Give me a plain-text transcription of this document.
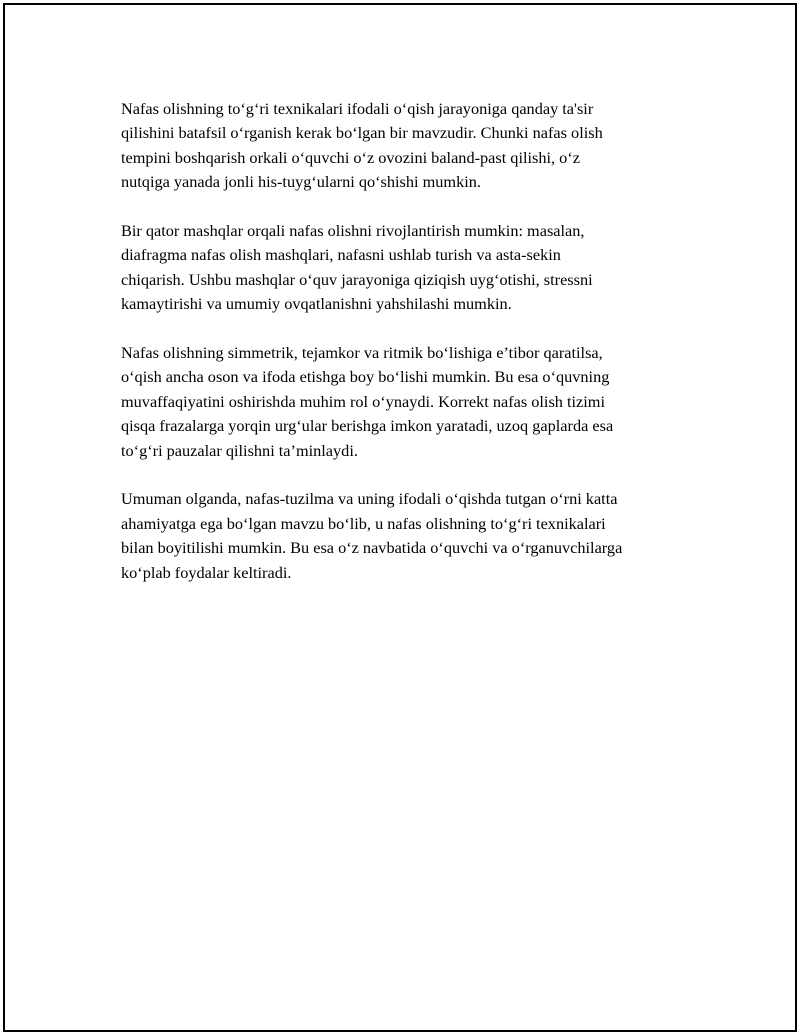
Nafas olishning to‘g‘ri texnikalari ifodali o‘qish jarayoniga qanday ta'sir
qilishini batafsil o‘rganish kerak bo‘lgan bir mavzudir. Chunki nafas olish
tempini boshqarish orkali o‘quvchi o‘z ovozini baland-past qilishi, o‘z
nutqiga yanada jonli his-tuyg‘ularni qo‘shishi mumkin.

Bir qator mashqlar orqali nafas olishni rivojlantirish mumkin: masalan,
diafragma nafas olish mashqlari, nafasni ushlab turish va asta-sekin
chiqarish. Ushbu mashqlar o‘quv jarayoniga qiziqish uyg‘otishi, stressni
kamaytirishi va umumiy ovqatlanishni yahshilashi mumkin.

Nafas olishning simmetrik, tejamkor va ritmik bo‘lishiga e’tibor qaratilsa,
o‘qish ancha oson va ifoda etishga boy bo‘lishi mumkin. Bu esa o‘quvning
muvaffaqiyatini oshirishda muhim rol o‘ynaydi. Korrekt nafas olish tizimi
qisqa frazalarga yorqin urg‘ular berishga imkon yaratadi, uzoq gaplarda esa
to‘g‘ri pauzalar qilishni ta’minlaydi.

Umuman olganda, nafas-tuzilma va uning ifodali o‘qishda tutgan o‘rni katta
ahamiyatga ega bo‘lgan mavzu bo‘lib, u nafas olishning to‘g‘ri texnikalari
bilan boyitilishi mumkin. Bu esa o‘z navbatida o‘quvchi va o‘rganuvchilarga
ko‘plab foydalar keltiradi.
